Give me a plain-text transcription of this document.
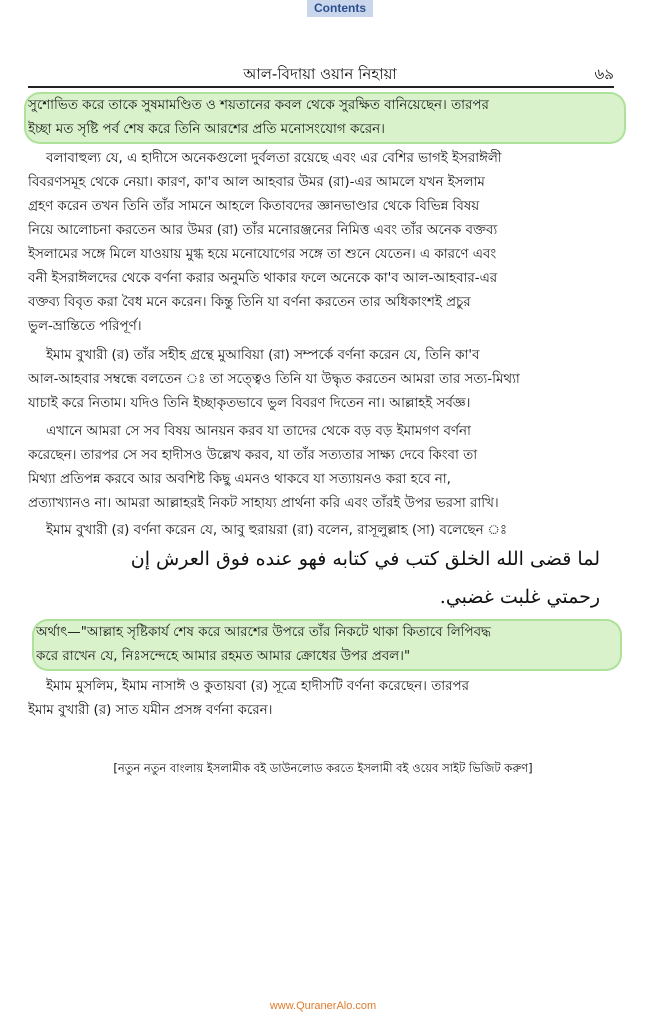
Contents
আল-বিদায়া ওয়ান নিহায়া	৬৯

সুশোভিত করে তাকে সুষমামণ্ডিত ও শয়তানের কবল থেকে সুরক্ষিত বানিয়েছেন। তারপর

ইচ্ছা মত সৃষ্টি পর্ব শেষ করে তিনি আরশের প্রতি মনোসংযোগ করেন।

বলাবাহুল্য যে, এ হাদীসে অনেকগুলো দুর্বলতা রয়েছে এবং এর বেশির ভাগই ইসরাঈলী

বিবরণসমূহ থেকে নেয়া। কারণ, কা'ব আল আহবার উমর (রা)-এর আমলে যখন ইসলাম

গ্রহণ করেন তখন তিনি তাঁর সামনে আহলে কিতাবদের জ্ঞানভাণ্ডার থেকে বিভিন্ন বিষয়

নিয়ে আলোচনা করতেন আর উমর (রা) তাঁর মনোরঞ্জনের নিমিত্ত এবং তাঁর অনেক বক্তব্য

ইসলামের সঙ্গে মিলে যাওয়ায় মুগ্ধ হয়ে মনোযোগের সঙ্গে তা শুনে যেতেন। এ কারণে এবং

বনী ইসরাঈলদের থেকে বর্ণনা করার অনুমতি থাকার ফলে অনেকে কা'ব আল-আহবার-এর

বক্তব্য বিবৃত করা বৈধ মনে করেন। কিন্তু তিনি যা বর্ণনা করতেন তার অধিকাংশই প্রচুর

ভুল-ভ্রান্তিতে পরিপূর্ণ।

ইমাম বুখারী (র) তাঁর সহীহ গ্রন্থে মুআবিয়া (রা) সম্পর্কে বর্ণনা করেন যে, তিনি কা'ব

আল-আহবার সম্বন্ধে বলতেন ঃ তা সত্ত্বেও তিনি যা উদ্ধৃত করতেন আমরা তার সত্য-মিথ্যা

যাচাই করে নিতাম। যদিও তিনি ইচ্ছাকৃতভাবে ভুল বিবরণ দিতেন না। আল্লাহই সর্বজ্ঞ।

এখানে আমরা সে সব বিষয় আনয়ন করব যা তাদের থেকে বড় বড় ইমামগণ বর্ণনা

করেছেন। তারপর সে সব হাদীসও উল্লেখ করব, যা তাঁর সত্যতার সাক্ষ্য দেবে কিংবা তা

মিথ্যা প্রতিপন্ন করবে আর অবশিষ্ট কিছু এমনও থাকবে যা সত্যায়নও করা হবে না,

প্রত্যাখ্যানও না। আমরা আল্লাহরই নিকট সাহায্য প্রার্থনা করি এবং তাঁরই উপর ভরসা রাখি।

ইমাম বুখারী (র) বর্ণনা করেন যে, আবু হুরায়রা (রা) বলেন, রাসূলুল্লাহ (সা) বলেছেন ঃ

لما قضى الله الخلق كتب في كتابه فهو عنده فوق العرش إن
رحمتي غلبت غضبي.

অর্থাৎ—"আল্লাহ সৃষ্টিকার্য শেষ করে আরশের উপরে তাঁর নিকটে থাকা কিতাবে লিপিবদ্ধ

করে রাখেন যে, নিঃসন্দেহে আমার রহমত আমার ক্রোধের উপর প্রবল।"

ইমাম মুসলিম, ইমাম নাসাঈ ও কুতায়বা (র) সূত্রে হাদীসটি বর্ণনা করেছেন। তারপর

ইমাম বুখারী (র) সাত যমীন প্রসঙ্গ বর্ণনা করেন।

[নতুন নতুন বাংলায় ইসলামীক বই ডাউনলোড করতে ইসলামী বই ওয়েব সাইট ভিজিট করুণ]
www.QuranerAlo.com
